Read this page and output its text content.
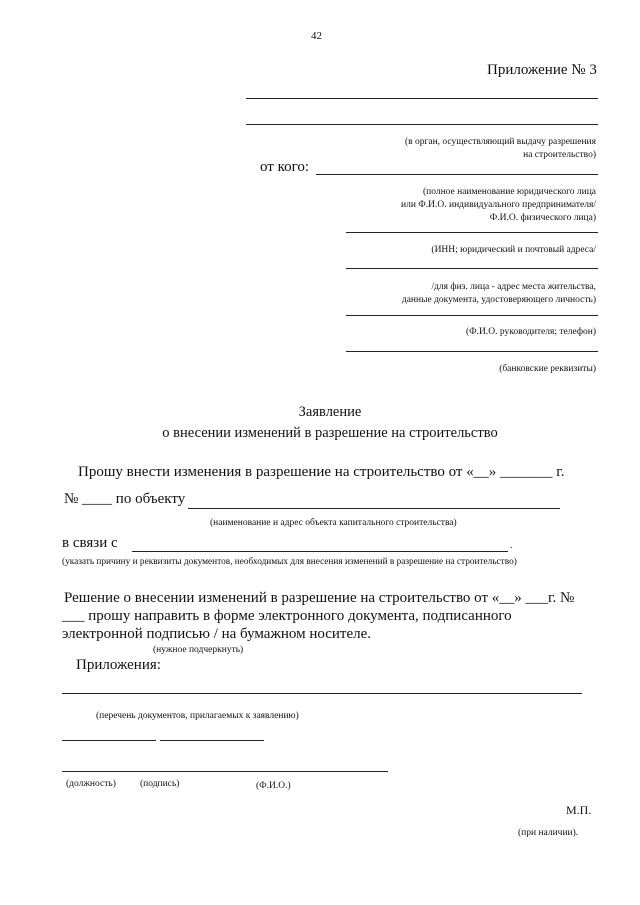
42
Приложение № 3
(в орган, осуществляющий выдачу разрешения
на строительство)
от кого:
(полное наименование юридического лица
или Ф.И.О. индивидуального предпринимателя/
Ф.И.О. физического лица)
(ИНН; юридический и почтовый адреса/
/для физ. лица - адрес места жительства,
данные документа, удостоверяющего личность)
(Ф.И.О. руководителя; телефон)
(банковские реквизиты)
Заявление
о внесении изменений в разрешение на строительство
Прошу внести изменения в разрешение на строительство от «__» _______ г.
№ ____ по объекту
(наименование и адрес объекта капитального строительства)
в связи с	.
(указать причину и реквизиты документов, необходимых для внесения изменений в разрешение на строительство)
Решение о внесении изменений в разрешение на строительство от «__» ___г. №
___ прошу направить в форме электронного документа, подписанного
электронной подписью / на бумажном носителе.
(нужное подчеркнуть)
Приложения:
(перечень документов, прилагаемых к заявлению)
(должность)	(подпись)	(Ф.И.О.)
М.П.
(при наличии).
